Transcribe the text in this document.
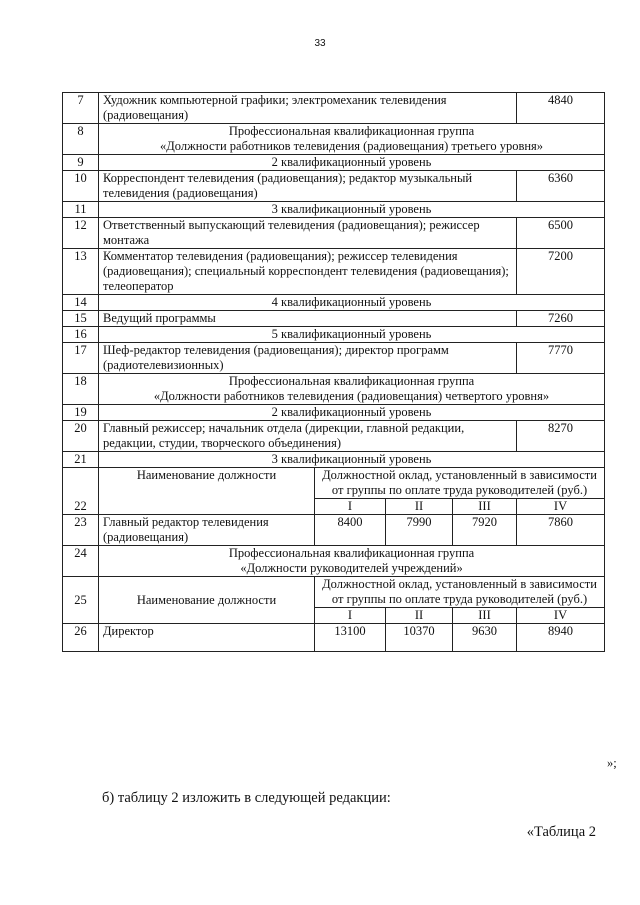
33
7	Художник компьютерной графики; электромеханик телевидения (радиовещания)				4840
8	Профессиональная квалификационная группа
«Должности работников телевидения (радиовещания) третьего уровня»				

9	2 квалификационный уровень				
10	Корреспондент телевидения (радиовещания); редактор музыкальный телевидения (радиовещания)				6360
11	3 квалификационный уровень				
12	Ответственный выпускающий телевидения (радиовещания); режиссер монтажа				6500
13	Комментатор телевидения (радиовещания); режиссер телевидения (радиовещания); специальный корреспондент телевидения (радиовещания); телеоператор				7200
14	4 квалификационный уровень				
15	Ведущий программы				7260
16	5 квалификационный уровень				
17	Шеф-редактор телевидения (радиовещания); директор программ (радиотелевизионных)				7770
18	Профессиональная квалификационная группа
«Должности работников телевидения (радиовещания) четвертого уровня»				

19	2 квалификационный уровень				
20	Главный режиссер; начальник отдела (дирекции, главной редакции, редакции, студии, творческого объединения)				8270
21	3 квалификационный уровень				
22	Наименование должности	Должностной оклад, установленный в зависимости от группы по оплате труда руководителей (руб.)			
		I	II	III	IV
23	Главный редактор телевидения (радиовещания)	8400	7990	7920	7860
24	Профессиональная квалификационная группа
«Должности руководителей учреждений»				

25	Наименование должности	Должностной оклад, установленный в зависимости от группы по оплате труда руководителей (руб.)			
		I	II	III	IV
26	Директор	13100	10370	9630	8940
»;
б) таблицу 2 изложить в следующей редакции:
«Таблица 2
